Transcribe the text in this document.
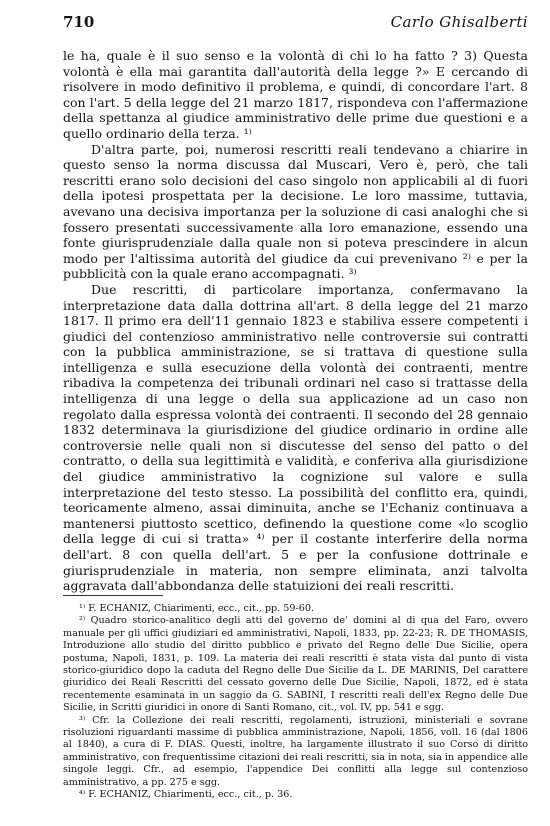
710	Carlo Ghisalberti

le ha, quale è il suo senso e la volontà di chi lo ha fatto ? 3) Questa volontà è ella mai garantita dall'autorità della legge ?» E cercando di risolvere in modo definitivo il problema, e quindi, di concordare l'art. 8 con l'art. 5 della legge del 21 marzo 1817, rispondeva con l'affermazione della spettanza al giudice amministrativo delle prime due questioni e a quello ordinario della terza. ¹⁾

D'altra parte, poi, numerosi rescritti reali tendevano a chiarire in questo senso la norma discussa dal Muscari, Vero è, però, che tali rescritti erano solo decisioni del caso singolo non applicabili al di fuori della ipotesi prospettata per la decisione. Le loro massime, tuttavia, avevano una decisiva importanza per la soluzione di casi analoghi che si fossero presentati successivamente alla loro emanazione, essendo una fonte giurisprudenziale dalla quale non si poteva prescindere in alcun modo per l'altissima autorità del giudice da cui prevenivano ²⁾ e per la pubblicità con la quale erano accompagnati. ³⁾

Due rescritti, di particolare importanza, confermavano la interpretazione data dalla dottrina all'art. 8 della legge del 21 marzo 1817. Il primo era dell'11 gennaio 1823 e stabiliva essere competenti i giudici del contenzioso amministrativo nelle controversie sui contratti con la pubblica amministrazione, se si trattava di questione sulla intelligenza e sulla esecuzione della volontà dei contraenti, mentre ribadiva la competenza dei tribunali ordinari nel caso si trattasse della intelligenza di una legge o della sua applicazione ad un caso non regolato dalla espressa volontà dei contraenti. Il secondo del 28 gennaio 1832 determinava la giurisdizione del giudice ordinario in ordine alle controversie nelle quali non si discutesse del senso del patto o del contratto, o della sua legittimità e validità, e conferiva alla giurisdizione del giudice amministrativo la cognizione sul valore e sulla interpretazione del testo stesso. La possibilità del conflitto era, quindi, teoricamente almeno, assai diminuita, anche se l'Echaniz continuava a mantenersi piuttosto scettico, definendo la questione come «lo scoglio della legge di cui si tratta» ⁴⁾ per il costante interferire della norma dell'art. 8 con quella dell'art. 5 e per la confusione dottrinale e giurisprudenziale in materia, non sempre eliminata, anzi talvolta aggravata dall'abbondanza delle statuizioni dei reali rescritti.

¹⁾ F. ECHANIZ, Chiarimenti, ecc., cit., pp. 59-60.

²⁾ Quadro storico-analitico degli atti del governo de' domini al di qua del Faro, ovvero manuale per gli uffici giudiziari ed amministrativi, Napoli, 1833, pp. 22-23; R. DE THOMASIS, Introduzione allo studio del diritto pubblico e privato del Regno delle Due Sicilie, opera postuma, Napoli, 1831, p. 109. La materia dei reali rescritti è stata vista dal punto di vista storico-giuridico dopo la caduta del Regno delle Due Sicilie da L. DE MARINIS, Del carattere giuridico dei Reali Rescritti del cessato governo delle Due Sicilie, Napoli, 1872, ed è stata recentemente esaminata in un saggio da G. SABINI, I rescritti reali dell'ex Regno delle Due Sicilie, in Scritti giuridici in onore di Santi Romano, cit., vol. IV, pp. 541 e sgg.

³⁾ Cfr. la Collezione dei reali rescritti, regolamenti, istruzioni, ministeriali e sovrane risoluzioni riguardanti massime di pubblica amministrazione, Napoli, 1856, voll. 16 (dal 1806 al 1840), a cura di F. DIAS. Questi, inoltre, ha largamente illustrato il suo Corso di diritto amministrativo, con frequentissime citazioni dei reali rescritti, sia in nota, sia in appendice alle singole leggi. Cfr., ad esempio, l'appendice Dei conflitti alla legge sul contenzioso amministrativo, a pp. 275 e sgg.

⁴⁾ F. ECHANIZ, Chiarimenti, ecc., cit., p. 36.
